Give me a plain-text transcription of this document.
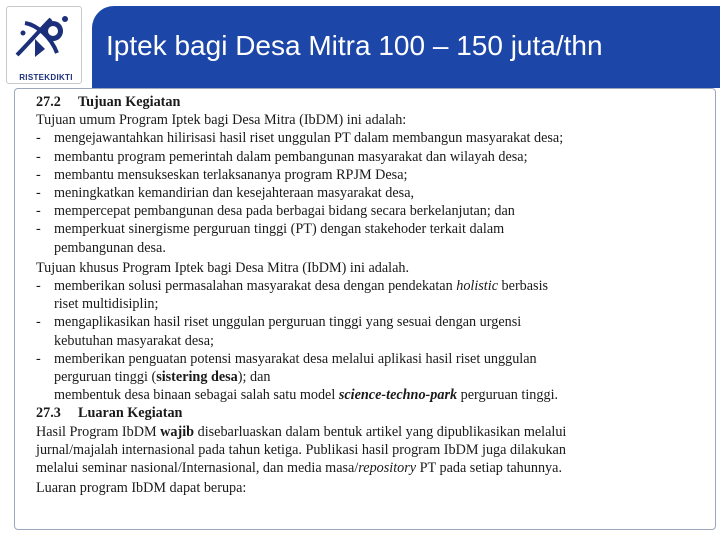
RISTEKDIKTI
Iptek bagi Desa Mitra 100 – 150 juta/thn
27.2 Tujuan Kegiatan
Tujuan umum Program Iptek bagi Desa Mitra (IbDM) ini adalah:
- mengejawantahkan hilirisasi hasil riset unggulan PT dalam membangun masyarakat desa;
- membantu program pemerintah dalam pembangunan masyarakat dan wilayah desa;
- membantu mensukseskan terlaksananya program RPJM Desa;
- meningkatkan kemandirian dan kesejahteraan masyarakat desa,
- mempercepat pembangunan desa pada berbagai bidang secara berkelanjutan; dan
- memperkuat sinergisme perguruan tinggi (PT) dengan stakehoder terkait dalam
pembangunan desa.
Tujuan khusus Program Iptek bagi Desa Mitra (IbDM) ini adalah.
- memberikan solusi permasalahan masyarakat desa dengan pendekatan holistic berbasis
riset multidisiplin;
- mengaplikasikan hasil riset unggulan perguruan tinggi yang sesuai dengan urgensi
kebutuhan masyarakat desa;
- memberikan penguatan potensi masyarakat desa melalui aplikasi hasil riset unggulan
perguruan tinggi (sistering desa); dan
membentuk desa binaan sebagai salah satu model science-techno-park perguruan tinggi.
27.3 Luaran Kegiatan
Hasil Program IbDM wajib disebarluaskan dalam bentuk artikel yang dipublikasikan melalui
jurnal/majalah internasional pada tahun ketiga. Publikasi hasil program IbDM juga dilakukan
melalui seminar nasional/Internasional, dan media masa/repository PT pada setiap tahunnya.
Luaran program IbDM dapat berupa:
